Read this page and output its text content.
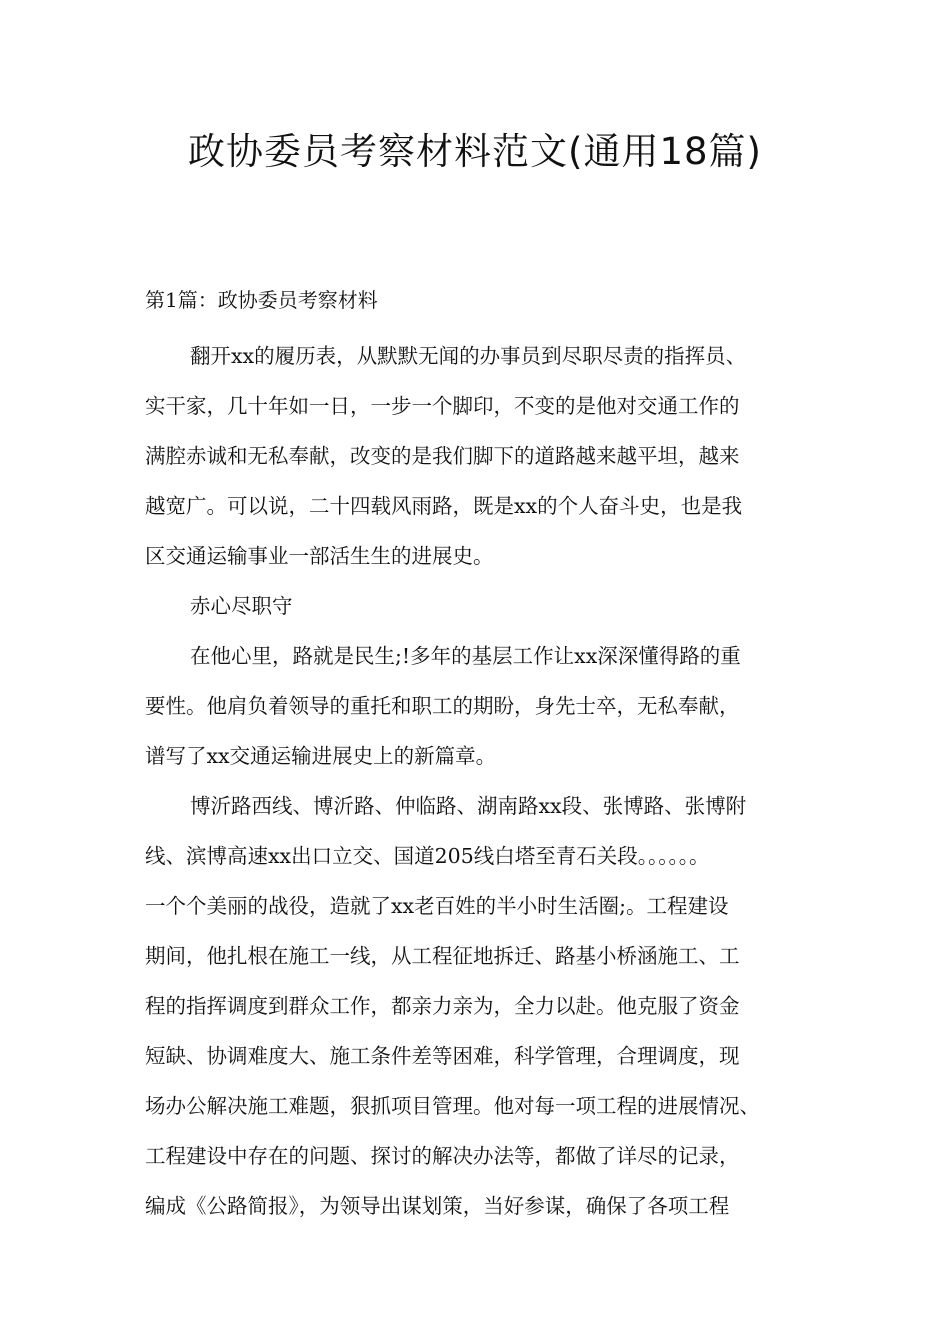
政协委员考察材料范文(通用18篇)
第1篇：政协委员考察材料
翻开xx的履历表，从默默无闻的办事员到尽职尽责的指挥员、
实干家，几十年如一日，一步一个脚印，不变的是他对交通工作的
满腔赤诚和无私奉献，改变的是我们脚下的道路越来越平坦，越来
越宽广。可以说，二十四载风雨路，既是xx的个人奋斗史，也是我
区交通运输事业一部活生生的进展史。
赤心尽职守
在他心里，路就是民生;!多年的基层工作让xx深深懂得路的重
要性。他肩负着领导的重托和职工的期盼，身先士卒，无私奉献，
谱写了xx交通运输进展史上的新篇章。
博沂路西线、博沂路、仲临路、湖南路xx段、张博路、张博附
线、滨博高速xx出口立交、国道205线白塔至青石关段。。。。。。
一个个美丽的战役，造就了xx老百姓的半小时生活圈;。工程建设
期间，他扎根在施工一线，从工程征地拆迁、路基小桥涵施工、工
程的指挥调度到群众工作，都亲力亲为，全力以赴。他克服了资金
短缺、协调难度大、施工条件差等困难，科学管理，合理调度，现
场办公解决施工难题，狠抓项目管理。他对每一项工程的进展情况、
工程建设中存在的问题、探讨的解决办法等，都做了详尽的记录，
编成《公路简报》，为领导出谋划策，当好参谋，确保了各项工程
